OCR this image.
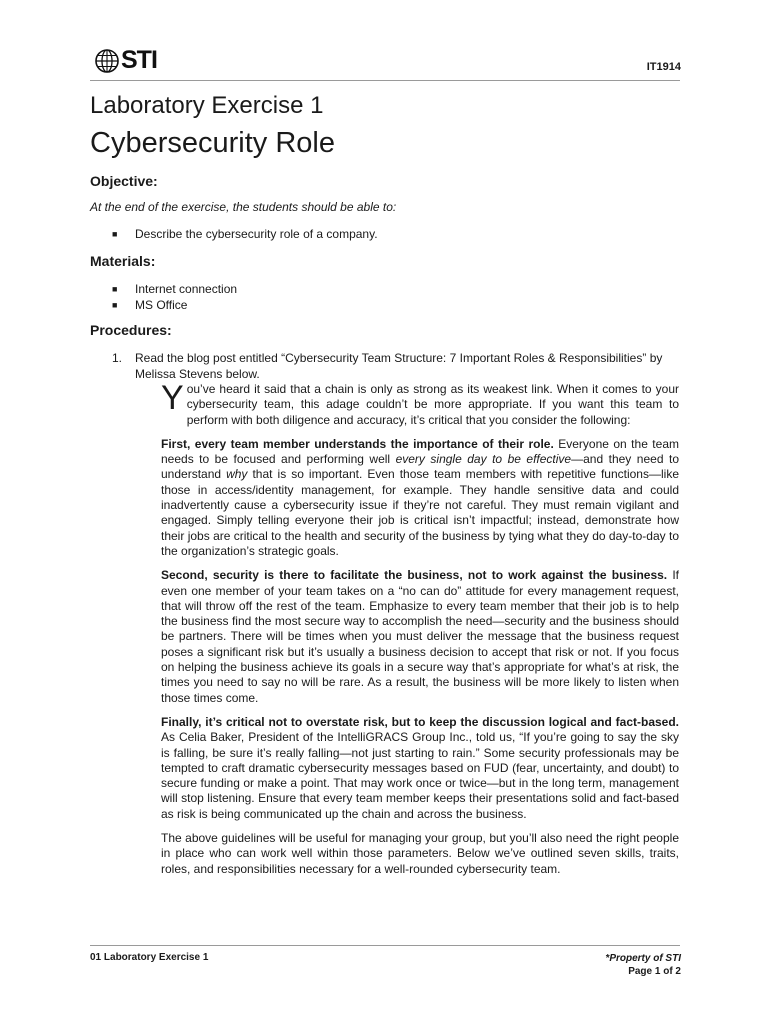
STI	IT1914
Laboratory Exercise 1
Cybersecurity Role
Objective:
At the end of the exercise, the students should be able to:
■	Describe the cybersecurity role of a company.
Materials:
■	Internet connection
■	MS Office
Procedures:
1.	Read the blog post entitled “Cybersecurity Team Structure: 7 Important Roles & Responsibilities” by Melissa Stevens below.

You’ve heard it said that a chain is only as strong as its weakest link. When it comes to your cybersecurity team, this adage couldn’t be more appropriate. If you want this team to perform with both diligence and accuracy, it’s critical that you consider the following:

First, every team member understands the importance of their role. Everyone on the team needs to be focused and performing well every single day to be effective—and they need to understand why that is so important. Even those team members with repetitive functions—like those in access/identity management, for example. They handle sensitive data and could inadvertently cause a cybersecurity issue if they’re not careful. They must remain vigilant and engaged. Simply telling everyone their job is critical isn’t impactful; instead, demonstrate how their jobs are critical to the health and security of the business by tying what they do day-to-day to the organization’s strategic goals.

Second, security is there to facilitate the business, not to work against the business. If even one member of your team takes on a “no can do” attitude for every management request, that will throw off the rest of the team. Emphasize to every team member that their job is to help the business find the most secure way to accomplish the need—security and the business should be partners. There will be times when you must deliver the message that the business request poses a significant risk but it’s usually a business decision to accept that risk or not. If you focus on helping the business achieve its goals in a secure way that’s appropriate for what’s at risk, the times you need to say no will be rare. As a result, the business will be more likely to listen when those times come.

Finally, it’s critical not to overstate risk, but to keep the discussion logical and fact-based. As Celia Baker, President of the IntelliGRACS Group Inc., told us, “If you’re going to say the sky is falling, be sure it’s really falling—not just starting to rain.” Some security professionals may be tempted to craft dramatic cybersecurity messages based on FUD (fear, uncertainty, and doubt) to secure funding or make a point. That may work once or twice—but in the long term, management will stop listening. Ensure that every team member keeps their presentations solid and fact-based as risk is being communicated up the chain and across the business.

The above guidelines will be useful for managing your group, but you’ll also need the right people in place who can work well within those parameters. Below we’ve outlined seven skills, traits, roles, and responsibilities necessary for a well-rounded cybersecurity team.

01 Laboratory Exercise 1	*Property of STI
Page 1 of 2
